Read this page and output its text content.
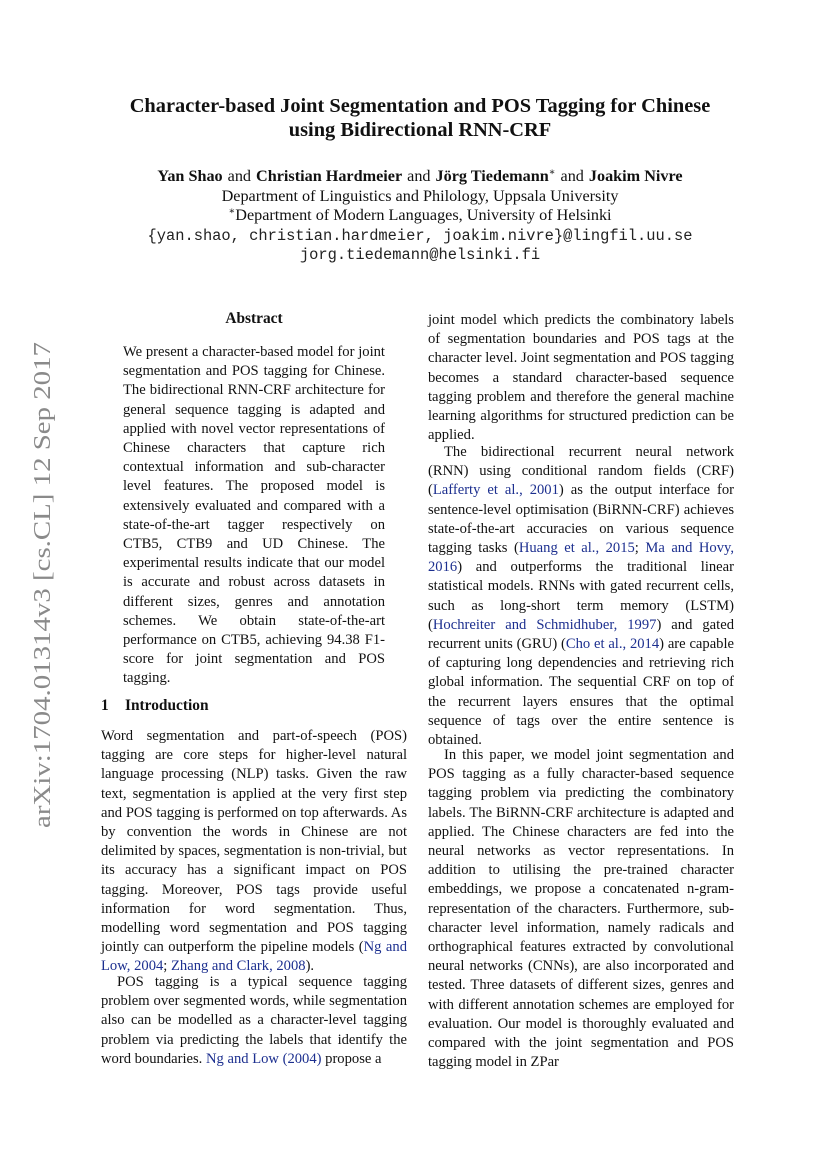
arXiv:1704.01314v3 [cs.CL] 12 Sep 2017
Character-based Joint Segmentation and POS Tagging for Chinese
using Bidirectional RNN-CRF
Yan Shao and Christian Hardmeier and Jörg Tiedemann∗ and Joakim Nivre
Department of Linguistics and Philology, Uppsala University
∗Department of Modern Languages, University of Helsinki
{yan.shao, christian.hardmeier, joakim.nivre}@lingfil.uu.se
jorg.tiedemann@helsinki.fi
Abstract
We present a character-based model for joint segmentation and POS tagging for Chinese. The bidirectional RNN-CRF architecture for general sequence tagging is adapted and applied with novel vector representations of Chinese characters that capture rich contextual information and sub-character level features. The proposed model is extensively evaluated and compared with a state-of-the-art tagger respectively on CTB5, CTB9 and UD Chinese. The experimental results indicate that our model is accurate and robust across datasets in different sizes, genres and annotation schemes. We obtain state-of-the-art performance on CTB5, achieving 94.38 F1-score for joint segmentation and POS tagging.
1 Introduction

Word segmentation and part-of-speech (POS) tagging are core steps for higher-level natural language processing (NLP) tasks. Given the raw text, segmentation is applied at the very first step and POS tagging is performed on top afterwards. As by convention the words in Chinese are not delimited by spaces, segmentation is non-trivial, but its accuracy has a significant impact on POS tagging. Moreover, POS tags provide useful information for word segmentation. Thus, modelling word segmentation and POS tagging jointly can outperform the pipeline models (Ng and Low, 2004; Zhang and Clark, 2008).

POS tagging is a typical sequence tagging problem over segmented words, while segmentation also can be modelled as a character-level tagging problem via predicting the labels that identify the word boundaries. Ng and Low (2004) propose a

joint model which predicts the combinatory labels of segmentation boundaries and POS tags at the character level. Joint segmentation and POS tagging becomes a standard character-based sequence tagging problem and therefore the general machine learning algorithms for structured prediction can be applied.

The bidirectional recurrent neural network (RNN) using conditional random fields (CRF) (Lafferty et al., 2001) as the output interface for sentence-level optimisation (BiRNN-CRF) achieves state-of-the-art accuracies on various sequence tagging tasks (Huang et al., 2015; Ma and Hovy, 2016) and outperforms the traditional linear statistical models. RNNs with gated recurrent cells, such as long-short term memory (LSTM) (Hochreiter and Schmidhuber, 1997) and gated recurrent units (GRU) (Cho et al., 2014) are capable of capturing long dependencies and retrieving rich global information. The sequential CRF on top of the recurrent layers ensures that the optimal sequence of tags over the entire sentence is obtained.

In this paper, we model joint segmentation and POS tagging as a fully character-based sequence tagging problem via predicting the combinatory labels. The BiRNN-CRF architecture is adapted and applied. The Chinese characters are fed into the neural networks as vector representations. In addition to utilising the pre-trained character embeddings, we propose a concatenated n-gram-representation of the characters. Furthermore, sub-character level information, namely radicals and orthographical features extracted by convolutional neural networks (CNNs), are also incorporated and tested. Three datasets of different sizes, genres and with different annotation schemes are employed for evaluation. Our model is thoroughly evaluated and compared with the joint segmentation and POS tagging model in ZPar
